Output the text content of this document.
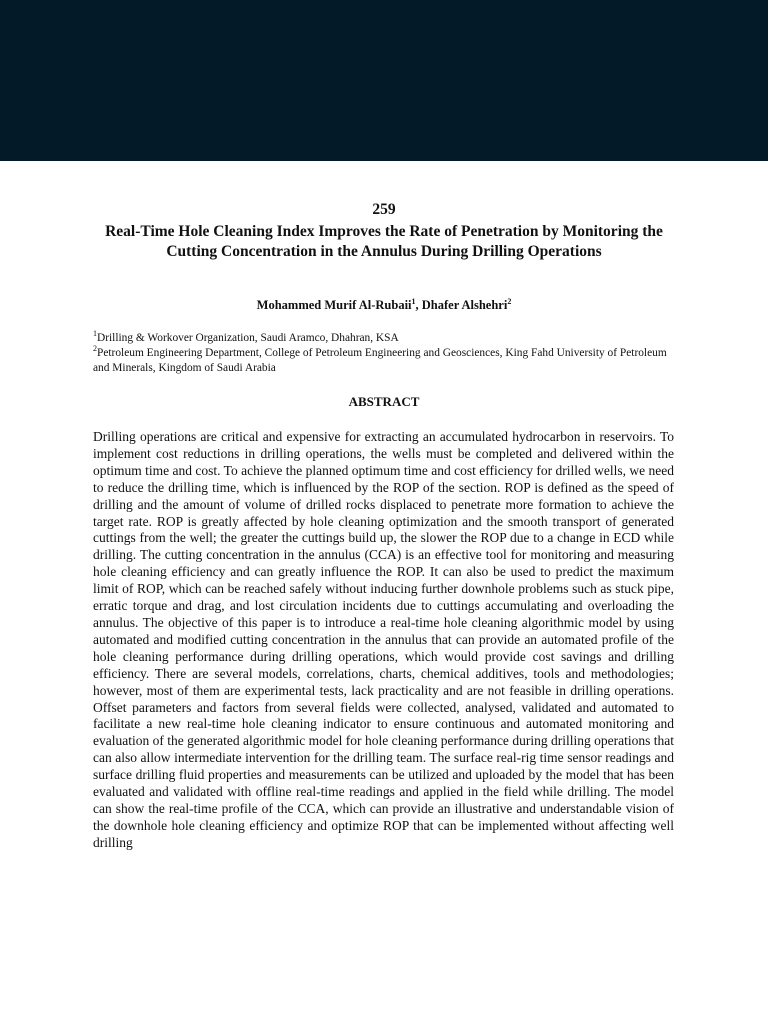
259
Real-Time Hole Cleaning Index Improves the Rate of Penetration by Monitoring the Cutting Concentration in the Annulus During Drilling Operations
Mohammed Murif Al-Rubaii$^1$, Dhafer Alshehri$^2$

$^1$Drilling & Workover Organization, Saudi Aramco, Dhahran, KSA

$^2$Petroleum Engineering Department, College of Petroleum Engineering and Geosciences, King Fahd University of Petroleum and Minerals, Kingdom of Saudi Arabia

ABSTRACT

Drilling operations are critical and expensive for extracting an accumulated hydrocarbon in reservoirs. To implement cost reductions in drilling operations, the wells must be completed and delivered within the optimum time and cost. To achieve the planned optimum time and cost efficiency for drilled wells, we need to reduce the drilling time, which is influenced by the ROP of the section. ROP is defined as the speed of drilling and the amount of volume of drilled rocks displaced to penetrate more formation to achieve the target rate. ROP is greatly affected by hole cleaning optimization and the smooth transport of generated cuttings from the well; the greater the cuttings build up, the slower the ROP due to a change in ECD while drilling. The cutting concentration in the annulus (CCA) is an effective tool for monitoring and measuring hole cleaning efficiency and can greatly influence the ROP. It can also be used to predict the maximum limit of ROP, which can be reached safely without inducing further downhole problems such as stuck pipe, erratic torque and drag, and lost circulation incidents due to cuttings accumulating and overloading the annulus. The objective of this paper is to introduce a real-time hole cleaning algorithmic model by using automated and modified cutting concentration in the annulus that can provide an automated profile of the hole cleaning performance during drilling operations, which would provide cost savings and drilling efficiency. There are several models, correlations, charts, chemical additives, tools and methodologies; however, most of them are experimental tests, lack practicality and are not feasible in drilling operations. Offset parameters and factors from several fields were collected, analysed, validated and automated to facilitate a new real-time hole cleaning indicator to ensure continuous and automated monitoring and evaluation of the generated algorithmic model for hole cleaning performance during drilling operations that can also allow intermediate intervention for the drilling team. The surface real-rig time sensor readings and surface drilling fluid properties and measurements can be utilized and uploaded by the model that has been evaluated and validated with offline real-time readings and applied in the field while drilling. The model can show the real-time profile of the CCA, which can provide an illustrative and understandable vision of the downhole hole cleaning efficiency and optimize ROP that can be implemented without affecting well drilling
